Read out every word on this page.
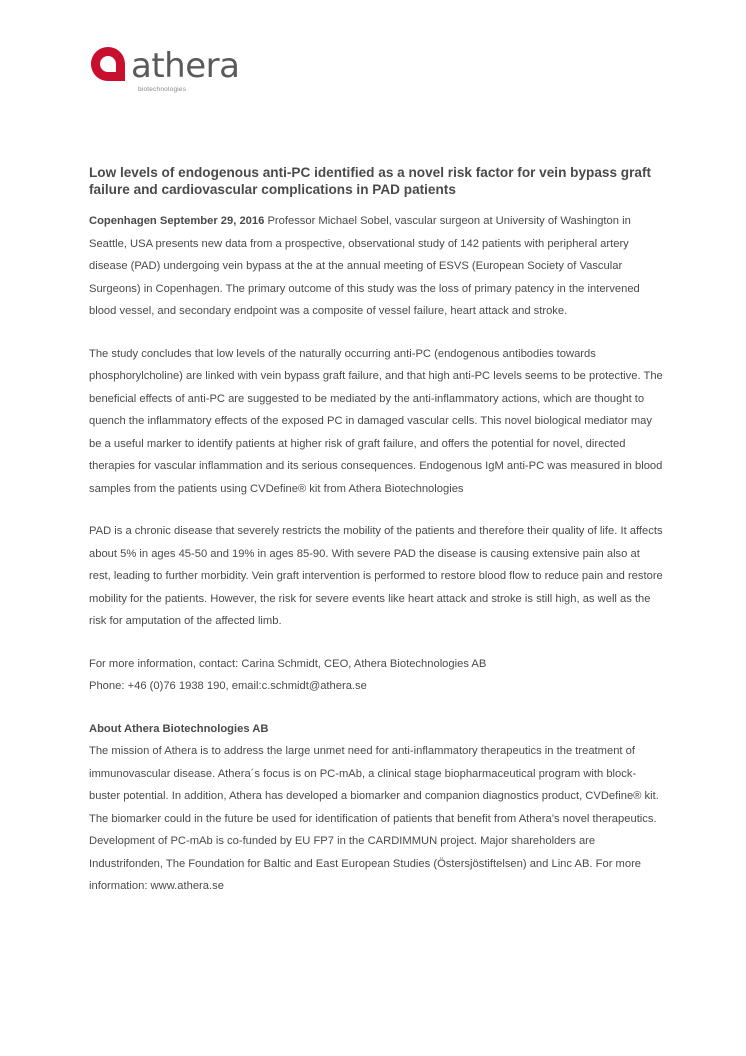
athera
biotechnologies
Low levels of endogenous anti-PC identified as a novel risk factor for vein bypass graft failure and cardiovascular complications in PAD patients

Copenhagen September 29, 2016 Professor Michael Sobel, vascular surgeon at University of Washington in Seattle, USA presents new data from a prospective, observational study of 142 patients with peripheral artery disease (PAD) undergoing vein bypass at the at the annual meeting of ESVS (European Society of Vascular Surgeons) in Copenhagen. The primary outcome of this study was the loss of primary patency in the intervened blood vessel, and secondary endpoint was a composite of vessel failure, heart attack and stroke.

The study concludes that low levels of the naturally occurring anti-PC (endogenous antibodies towards phosphorylcholine) are linked with vein bypass graft failure, and that high anti-PC levels seems to be protective. The beneficial effects of anti-PC are suggested to be mediated by the anti-inflammatory actions, which are thought to quench the inflammatory effects of the exposed PC in damaged vascular cells. This novel biological mediator may be a useful marker to identify patients at higher risk of graft failure, and offers the potential for novel, directed therapies for vascular inflammation and its serious consequences. Endogenous IgM anti-PC was measured in blood samples from the patients using CVDefine® kit from Athera Biotechnologies

PAD is a chronic disease that severely restricts the mobility of the patients and therefore their quality of life. It affects about 5% in ages 45-50 and 19% in ages 85-90. With severe PAD the disease is causing extensive pain also at rest, leading to further morbidity. Vein graft intervention is performed to restore blood flow to reduce pain and restore mobility for the patients. However, the risk for severe events like heart attack and stroke is still high, as well as the risk for amputation of the affected limb.

For more information, contact: Carina Schmidt, CEO, Athera Biotechnologies AB
Phone: +46 (0)76 1938 190, email:c.schmidt@athera.se

About Athera Biotechnologies AB
The mission of Athera is to address the large unmet need for anti-inflammatory therapeutics in the treatment of immunovascular disease. Athera´s focus is on PC-mAb, a clinical stage biopharmaceutical program with block-buster potential. In addition, Athera has developed a biomarker and companion diagnostics product, CVDefine® kit. The biomarker could in the future be used for identification of patients that benefit from Athera’s novel therapeutics. Development of PC-mAb is co-funded by EU FP7 in the CARDIMMUN project. Major shareholders are Industrifonden, The Foundation for Baltic and East European Studies (Östersjöstiftelsen) and Linc AB. For more information: www.athera.se
